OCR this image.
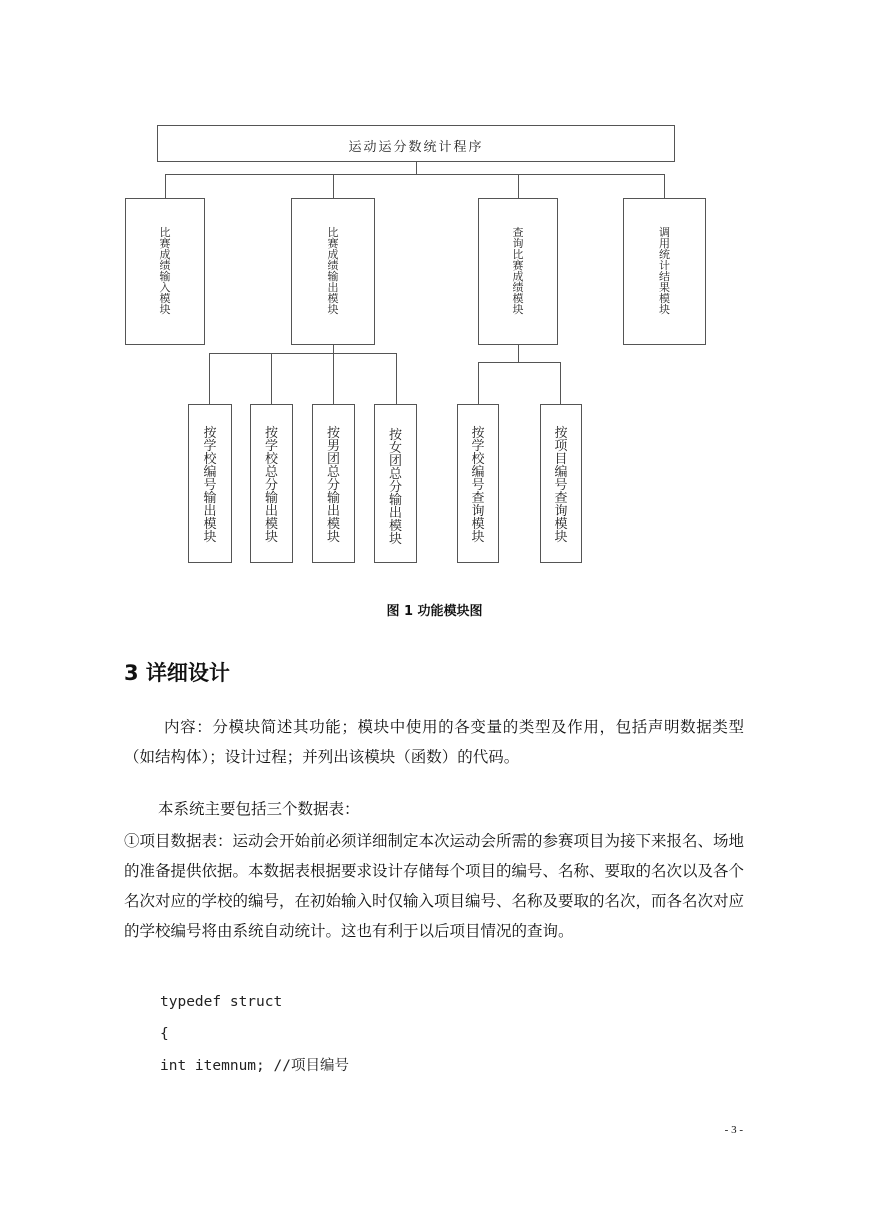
运动运分数统计程序
比
赛
成
绩
输
入
模
块
比
赛
成
绩
输
出
模
块
查
询
比
赛
成
绩
模
块
调
用
统
计
结
果
模
块
按
学
校
编
号
输
出
模
块
按
学
校
总
分
输
出
模
块
按
男
团
总
分
输
出
模
块
按
女
团
总
分
输
出
模
块
按
学
校
编
号
查
询
模
块
按
项
目
编
号
查
询
模
块
图 1 功能模块图
3 详细设计
内容：分模块简述其功能；模块中使用的各变量的类型及作用，包括声明数据类型（如结构体）；设计过程；并列出该模块（函数）的代码。
本系统主要包括三个数据表：
①项目数据表：运动会开始前必须详细制定本次运动会所需的参赛项目为接下来报名、场地的准备提供依据。本数据表根据要求设计存储每个项目的编号、名称、要取的名次以及各个名次对应的学校的编号，在初始输入时仅输入项目编号、名称及要取的名次，而各名次对应的学校编号将由系统自动统计。这也有利于以后项目情况的查询。
typedef struct
{
int itemnum; //项目编号
- 3 -
